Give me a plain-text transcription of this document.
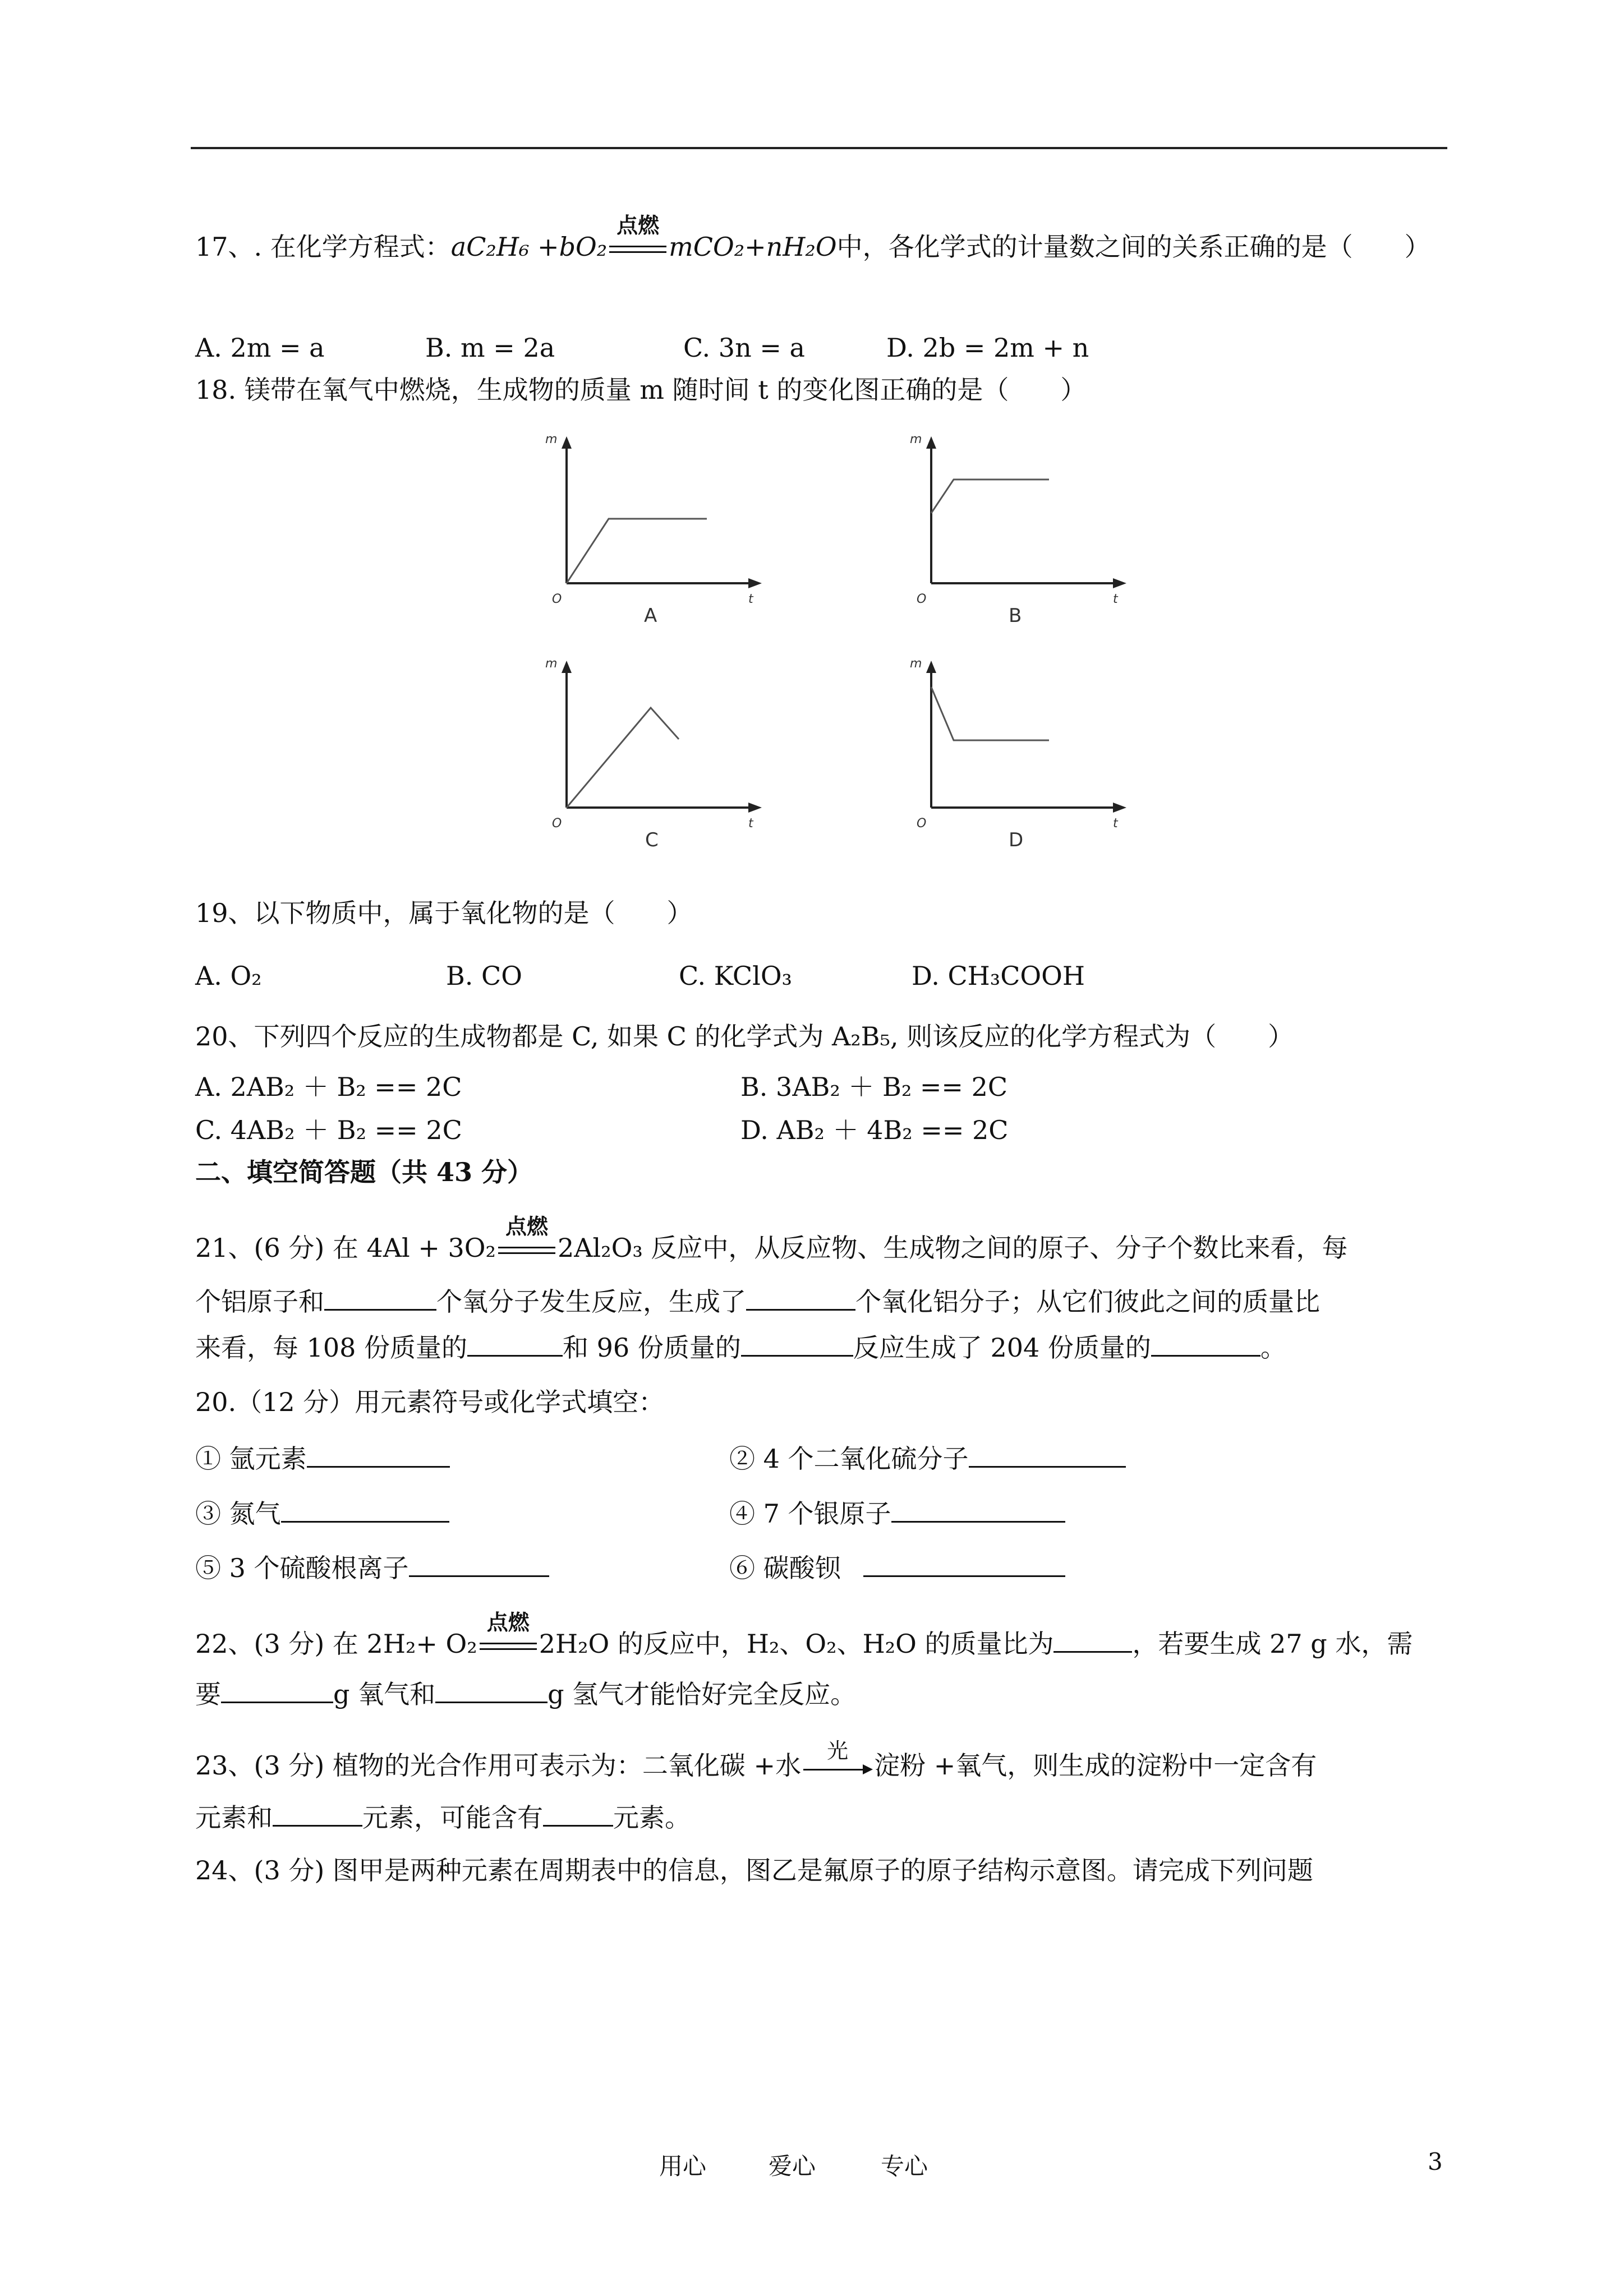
17、. 在化学方程式：aC₂H₆ +bO₂
点燃
mCO₂+nH₂O中，各化学式的计量数之间的关系正确的是（　　）
A. 2m = a	B. m = 2a	C. 3n = a	D. 2b = 2m + n
18. 镁带在氧气中燃烧，生成物的质量 m 随时间 t 的变化图正确的是（　　）
m
O	t
A
m
O	t
B
m
O	t
C
m
O	t
D
19、以下物质中，属于氧化物的是（　　）
A. O₂	B. CO	C. KClO₃	D. CH₃COOH
20、下列四个反应的生成物都是 C, 如果 C 的化学式为 A₂B₅, 则该反应的化学方程式为（　　）
A. 2AB₂ ＋ B₂ == 2C	B. 3AB₂ ＋ B₂ == 2C
C. 4AB₂ ＋ B₂ == 2C	D. AB₂ ＋ 4B₂ == 2C
二、填空简答题（共 43 分）
21、(6 分) 在 4Al + 3O₂
点燃
2Al₂O₃ 反应中，从反应物、生成物之间的原子、分子个数比来看，每
个铝原子和	个氧分子发生反应，生成了	个氧化铝分子；从它们彼此之间的质量比
来看，每 108 份质量的	和 96 份质量的	反应生成了 204 份质量的	。
20.（12 分）用元素符号或化学式填空：
① 氩元素	② 4 个二氧化硫分子
③ 氮气	④ 7 个银原子
⑤ 3 个硫酸根离子	⑥ 碳酸钡
22、(3 分) 在 2H₂+ O₂
点燃
2H₂O 的反应中，H₂、O₂、H₂O 的质量比为	，若要生成 27 g 水，需
要	g 氧气和	g 氢气才能恰好完全反应。
23、(3 分) 植物的光合作用可表示为：二氧化碳 +水	光	淀粉 +氧气，则生成的淀粉中一定含有
元素和	元素，可能含有	元素。
24、(3 分) 图甲是两种元素在周期表中的信息，图乙是氟原子的原子结构示意图。请完成下列问题
用心	爱心	专心	3
